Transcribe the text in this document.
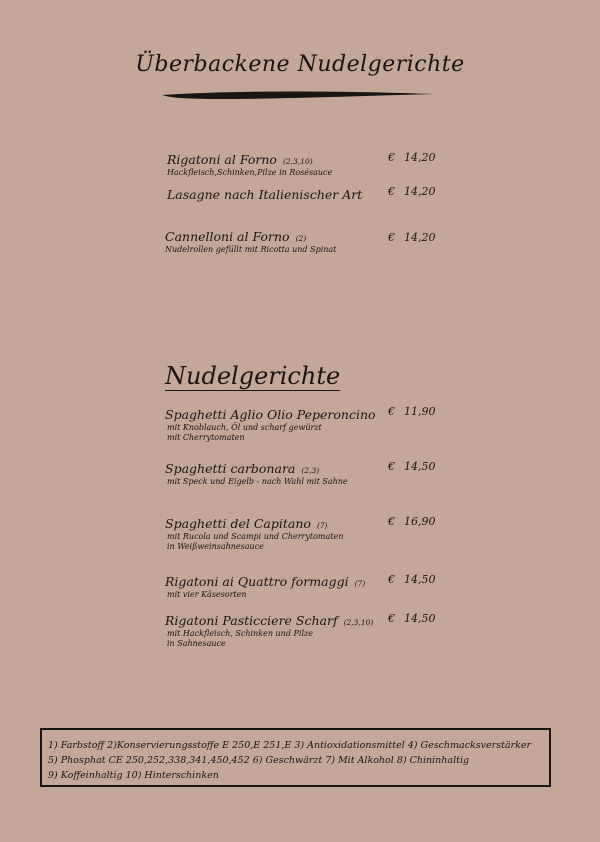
Überbackene Nudelgerichte
Rigatoni al Forno (2,3,10)
Hackfleisch,Schinken,Pilze in Rosésauce
€ 14,20
Lasagne nach Italienischer Art € 14,20
Cannelloni al Forno (2)
Nudelrollen gefüllt mit Ricotta und Spinat
€ 14,20
Nudelgerichte
Spaghetti Aglio Olio Peperoncino
mit Knoblauch, Öl und scharf gewürzt
mit Cherrytomaten
€ 11,90
Spaghetti carbonara (2,3)
mit Speck und Eigelb - nach Wahl mit Sahne
€ 14,50
Spaghetti del Capitano (7)
mit Rucola und Scampi und Cherrytomaten
in Weißweinsahnesauce
€ 16,90
Rigatoni ai Quattro formaggi (7)
mit vier Käsesorten
€ 14,50
Rigatoni Pasticciere Scharf (2,3,10)
mit Hackfleisch, Schinken und Pilze
in Sahnesauce
€ 14,50
1) Farbstoff 2)Konservierungsstoffe E 250,E 251,E 3) Antioxidationsmittel 4) Geschmacksverstärker
5) Phosphat CE 250,252,338,341,450,452 6) Geschwärzt 7) Mit Alkohol 8) Chininhaltig
9) Koffeinhaltig 10) Hinterschinken
